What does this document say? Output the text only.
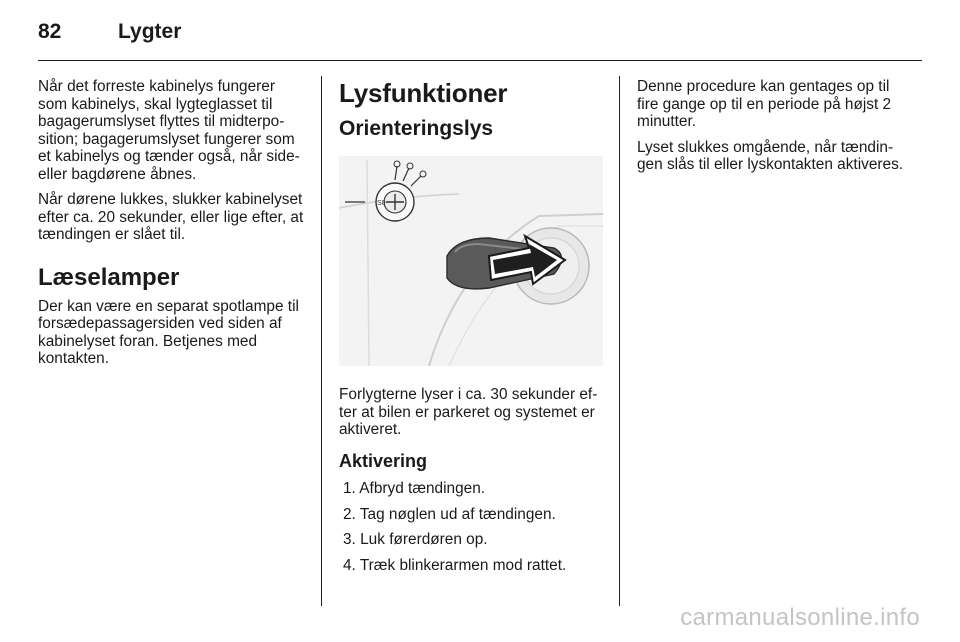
82	Lygter

Når det forreste kabinelys fungerer som kabinelys, skal lygteglasset til bagagerumslyset flyttes til midterposition; bagagerumslyset fungerer som et kabinelys og tænder også, når side- eller bagdørene åbnes.

Når dørene lukkes, slukker kabinelyset efter ca. 20 sekunder, eller lige efter, at tændingen er slået til.

Læselamper

Der kan være en separat spotlampe til forsædepassagersiden ved siden af kabinelyset foran. Betjenes med kontakten.

Lysfunktioner
Orienteringslys
S0

Forlygterne lyser i ca. 30 sekunder efter at bilen er parkeret og systemet er aktiveret.

Aktivering
1. Afbryd tændingen.
2. Tag nøglen ud af tændingen.
3. Luk førerdøren op.
4. Træk blinkerarmen mod rattet.

Denne procedure kan gentages op til fire gange op til en periode på højst 2 minutter.

Lyset slukkes omgående, når tændingen slås til eller lyskontakten aktiveres.

carmanualsonline.info
